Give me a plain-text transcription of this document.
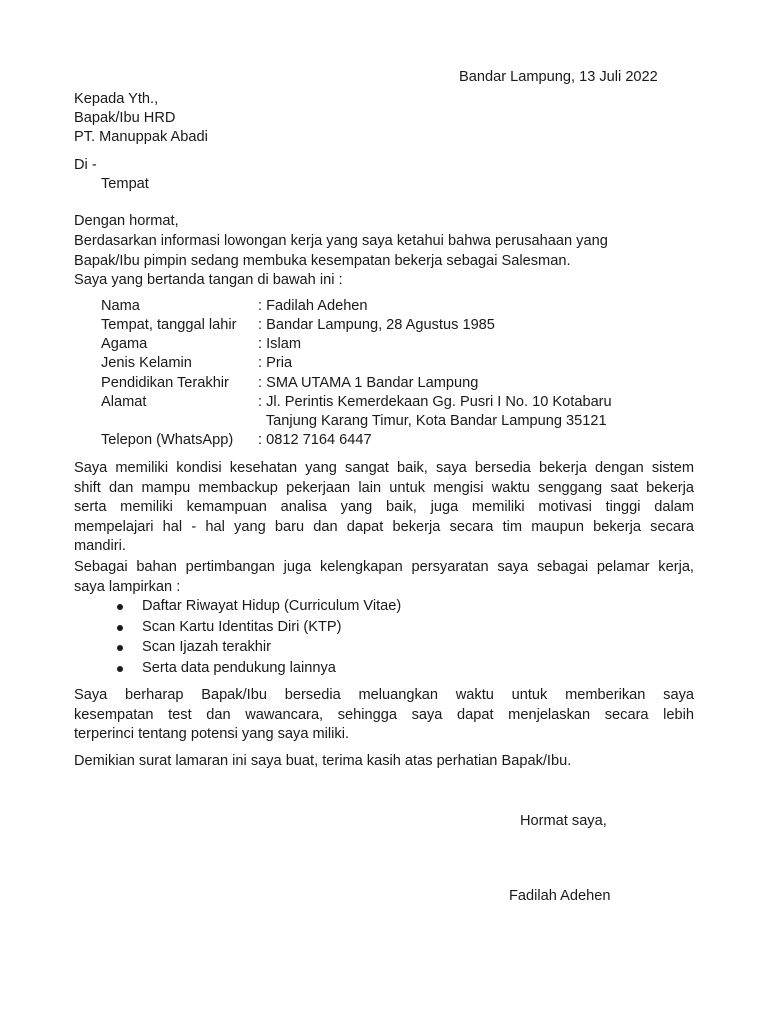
Bandar Lampung, 13 Juli 2022
Kepada Yth.,
Bapak/Ibu HRD
PT. Manuppak Abadi
Di -
Tempat
Dengan hormat,
Berdasarkan informasi lowongan kerja yang saya ketahui bahwa perusahaan yang
Bapak/Ibu pimpin sedang membuka kesempatan bekerja sebagai Salesman.
Saya yang bertanda tangan di bawah ini :
Nama	: Fadilah Adehen
Tempat, tanggal lahir : Bandar Lampung, 28 Agustus 1985
Agama	: Islam
Jenis Kelamin	: Pria
Pendidikan Terakhir : SMA UTAMA 1 Bandar Lampung
Alamat	: Jl. Perintis Kemerdekaan Gg. Pusri I No. 10 Kotabaru
Tanjung Karang Timur, Kota Bandar Lampung 35121
Telepon (WhatsApp) : 0812 7164 6447
Saya memiliki kondisi kesehatan yang sangat baik, saya bersedia bekerja dengan sistem
shift dan mampu membackup pekerjaan lain untuk mengisi waktu senggang saat bekerja
serta memiliki kemampuan analisa yang baik, juga memiliki motivasi tinggi dalam
mempelajari hal - hal yang baru dan dapat bekerja secara tim maupun bekerja secara
mandiri.
Sebagai bahan pertimbangan juga kelengkapan persyaratan saya sebagai pelamar kerja,
saya lampirkan :
Daftar Riwayat Hidup (Curriculum Vitae)
Scan Kartu Identitas Diri (KTP)
Scan Ijazah terakhir
Serta data pendukung lainnya
Saya berharap Bapak/Ibu bersedia meluangkan waktu untuk memberikan saya
kesempatan test dan wawancara, sehingga saya dapat menjelaskan secara lebih
terperinci tentang potensi yang saya miliki.
Demikian surat lamaran ini saya buat, terima kasih atas perhatian Bapak/Ibu.
Hormat saya,
Fadilah Adehen
